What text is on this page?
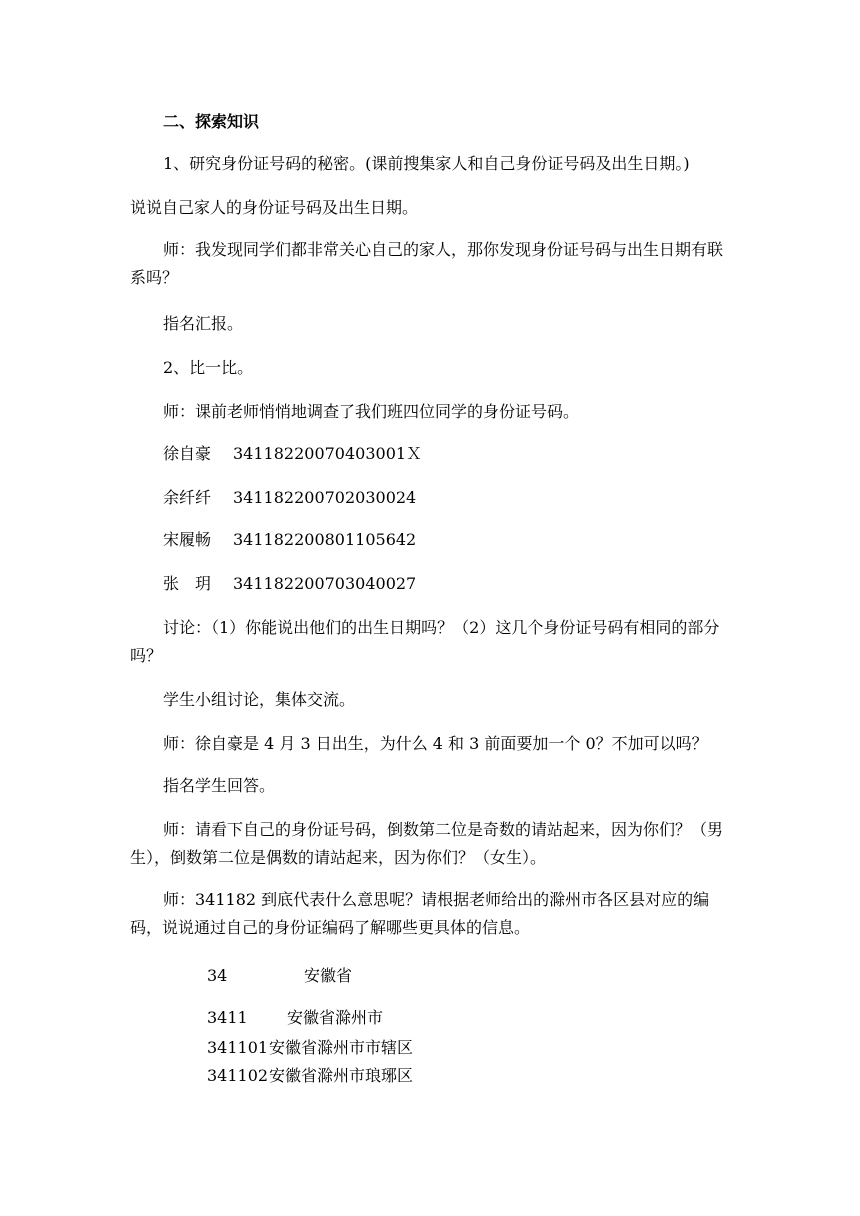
二、探索知识

1、研究身份证号码的秘密。(课前搜集家人和自己身份证号码及出生日期。)

说说自己家人的身份证号码及出生日期。

师：我发现同学们都非常关心自己的家人，那你发现身份证号码与出生日期有联系吗？

指名汇报。

2、比一比。

师：课前老师悄悄地调查了我们班四位同学的身份证号码。

徐自豪 34118220070403001Ｘ

余纤纤 341182200702030024

宋履畅 341182200801105642

张　玥 341182200703040027

讨论：（1）你能说出他们的出生日期吗？（2）这几个身份证号码有相同的部分吗？

学生小组讨论，集体交流。

师：徐自豪是 4 月 3 日出生，为什么 4 和 3 前面要加一个 0？不加可以吗？

指名学生回答。

师：请看下自己的身份证号码，倒数第二位是奇数的请站起来，因为你们？（男生），倒数第二位是偶数的请站起来，因为你们？（女生）。

师：341182 到底代表什么意思呢？请根据老师给出的滁州市各区县对应的编码，说说通过自己的身份证编码了解哪些更具体的信息。

34	安徽省
3411 安徽省滁州市
341101安徽省滁州市市辖区
341102安徽省滁州市琅琊区
